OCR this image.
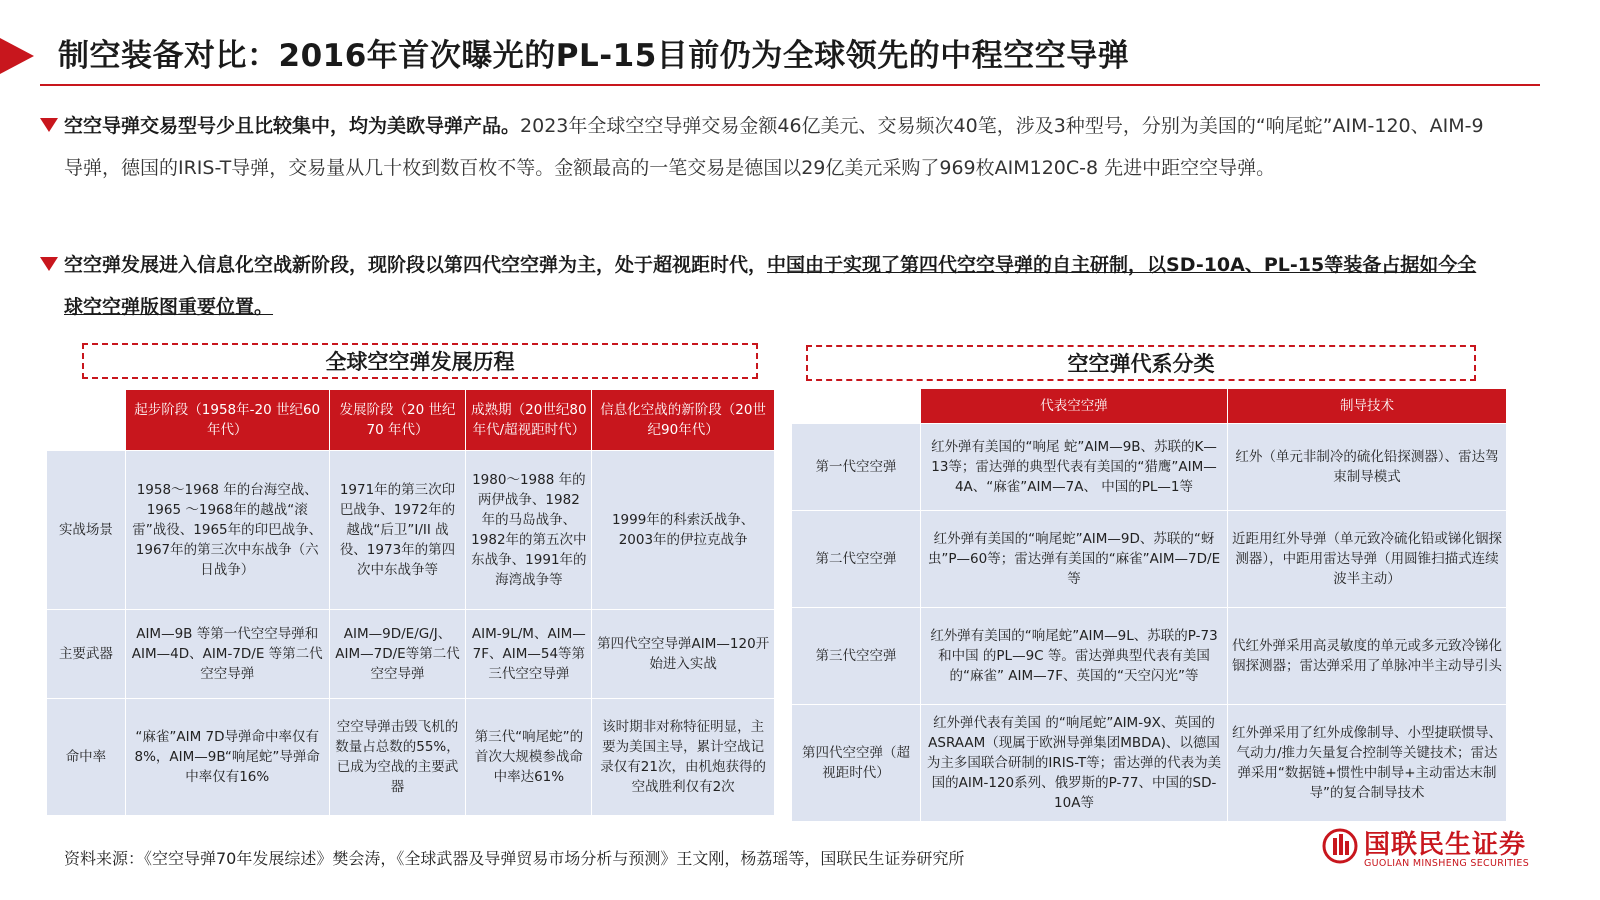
制空装备对比：2016年首次曝光的PL-15目前仍为全球领先的中程空空导弹
空空导弹交易型号少且比较集中，均为美欧导弹产品。2023年全球空空导弹交易金额46亿美元、交易频次40笔，涉及3种型号，分别为美国的“响尾蛇”AIM-120、AIM-9 导弹，德国的IRIS-T导弹，交易量从几十枚到数百枚不等。金额最高的一笔交易是德国以29亿美元采购了969枚AIM120C-8 先进中距空空导弹。
空空弹发展进入信息化空战新阶段，现阶段以第四代空空弹为主，处于超视距时代，中国由于实现了第四代空空导弹的自主研制，以SD-10A、PL-15等装备占据如今全球空空弹版图重要位置。
全球空空弹发展历程
	起步阶段（1958年-20 世纪60年代）	发展阶段（20 世纪70 年代）	成熟期（20世纪80年代/超视距时代）	信息化空战的新阶段（20世纪90年代）
实战场景	1958～1968 年的台海空战、1965 ～1968年的越战“滚雷”战役、1965年的印巴战争、1967年的第三次中东战争（六日战争）	1971年的第三次印巴战争、1972年的越战“后卫”I/II 战役、1973年的第四次中东战争等	1980～1988 年的两伊战争、1982 年的马岛战争、1982年的第五次中 东战争、1991年的海湾战争等	1999年的科索沃战争、2003年的伊拉克战争
主要武器	AIM—9B 等第一代空空导弹和AIM—4D、AIM-7D/E 等第二代空空导弹	AIM—9D/E/G/J、AIM—7D/E等第二代空空导弹	AIM-9L/M、AIM—7F、AIM—54等第三代空空导弹	第四代空空导弹AIM—120开始进入实战
命中率	“麻雀”AIM 7D导弹命中率仅有8%，AIM—9B“响尾蛇”导弹命中率仅有16%	空空导弹击毁飞机的数量占总数的55%，已成为空战的主要武器	第三代“响尾蛇”的首次大规模参战命中率达61%	该时期非对称特征明显，主要为美国主导，累计空战记录仅有21次，由机炮获得的空战胜利仅有2次
空空弹代系分类
	代表空空弹	制导技术
第一代空空弹	红外弹有美国的“响尾 蛇”AIM—9B、苏联的K—13等；雷达弹的典型代表有美国的“猎鹰”AIM—4A、“麻雀”AIM—7A、 中国的PL—1等	红外（单元非制冷的硫化铅探测器）、雷达驾束制导模式
第二代空空弹	红外弹有美国的“响尾蛇”AIM—9D、苏联的“蚜虫”P—60等；雷达弹有美国的“麻雀”AIM—7D/E等	近距用红外导弹（单元致冷硫化铅或锑化铟探测器），中距用雷达导弹（用圆锥扫描式连续波半主动）
第三代空空弹	红外弹有美国的“响尾蛇”AIM—9L、苏联的P-73和中国 的PL—9C 等。雷达弹典型代表有美国的“麻雀” AIM—7F、英国的“天空闪光”等	代红外弹采用高灵敏度的单元或多元致冷锑化铟探测器；雷达弹采用了单脉冲半主动导引头
第四代空空弹（超视距时代）	红外弹代表有美国 的“响尾蛇”AIM-9X、英国的ASRAAM（现属于欧洲导弹集团MBDA)、以德国为主多国联合研制的IRIS-T等；雷达弹的代表为美国的AIM-120系列、俄罗斯的P-77、中国的SD-10A等	红外弹采用了红外成像制导、小型捷联惯导、气动力/推力矢量复合控制等关键技术；雷达弹采用“数据链+惯性中制导+主动雷达末制导”的复合制导技术
资料来源：《空空导弹70年发展综述》樊会涛，《全球武器及导弹贸易市场分析与预测》王文刚，杨荔瑶等，国联民生证券研究所	国联民生证券
GUOLIAN MINSHENG SECURITIES
